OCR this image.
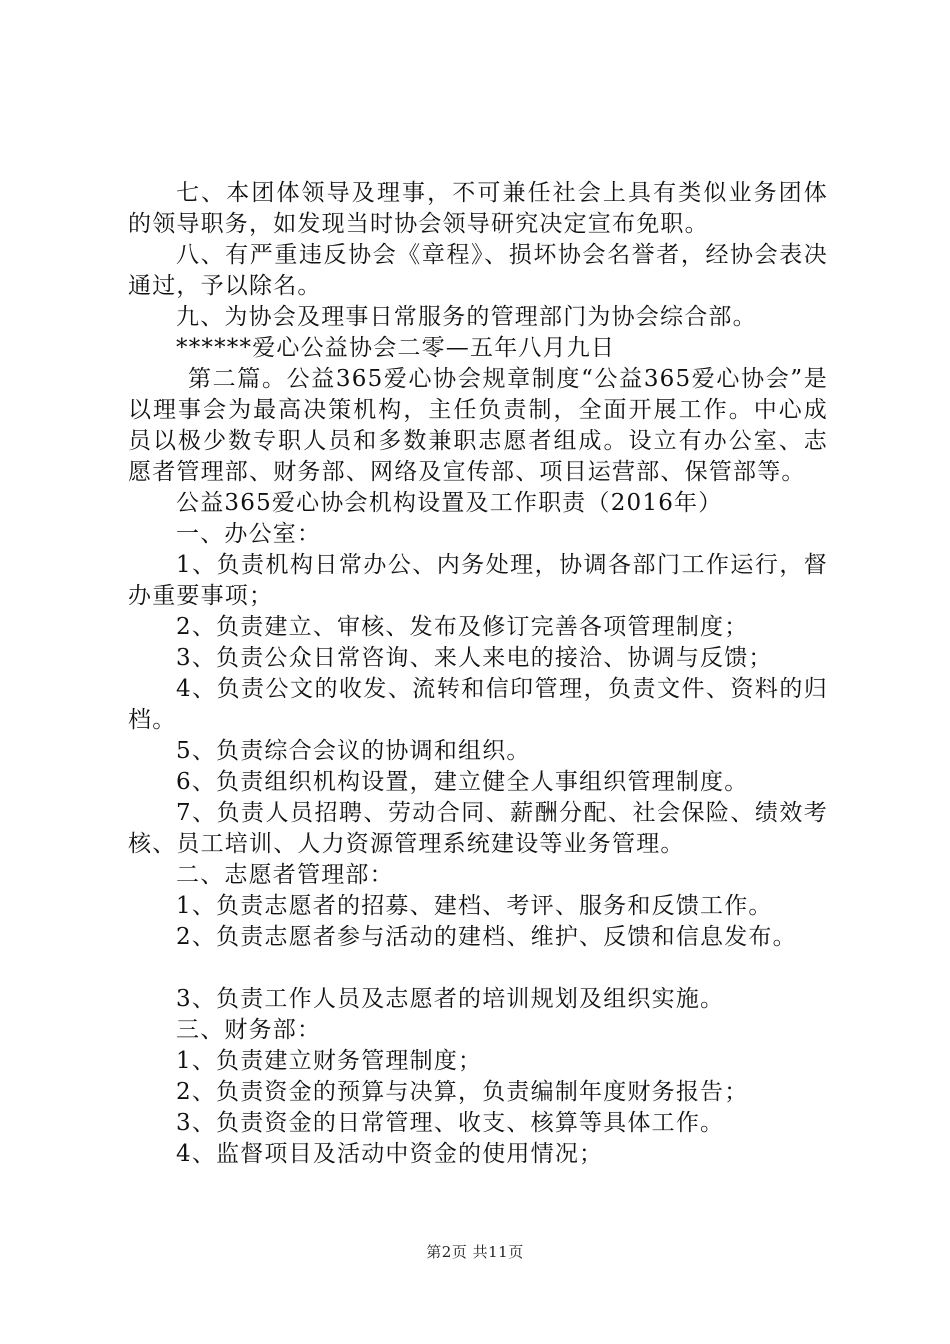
七、本团体领导及理事，不可兼任社会上具有类似业务团体的领导职务，如发现当时协会领导研究决定宣布免职。

八、有严重违反协会《章程》、损坏协会名誉者，经协会表决通过，予以除名。

九、为协会及理事日常服务的管理部门为协会综合部。

******爱心公益协会二零—五年八月九日

第二篇。公益365爱心协会规章制度“公益365爱心协会”是以理事会为最高决策机构，主任负责制，全面开展工作。中心成员以极少数专职人员和多数兼职志愿者组成。设立有办公室、志愿者管理部、财务部、网络及宣传部、项目运营部、保管部等。

公益365爱心协会机构设置及工作职责（2016年）

一、办公室：

1、负责机构日常办公、内务处理，协调各部门工作运行，督办重要事项；

2、负责建立、审核、发布及修订完善各项管理制度；

3、负责公众日常咨询、来人来电的接洽、协调与反馈；

4、负责公文的收发、流转和信印管理，负责文件、资料的归档。

5、负责综合会议的协调和组织。

6、负责组织机构设置，建立健全人事组织管理制度。

7、负责人员招聘、劳动合同、薪酬分配、社会保险、绩效考核、员工培训、人力资源管理系统建设等业务管理。

二、志愿者管理部：

1、负责志愿者的招募、建档、考评、服务和反馈工作。

2、负责志愿者参与活动的建档、维护、反馈和信息发布。

3、负责工作人员及志愿者的培训规划及组织实施。

三、财务部：

1、负责建立财务管理制度；

2、负责资金的预算与决算，负责编制年度财务报告；

3、负责资金的日常管理、收支、核算等具体工作。

4、监督项目及活动中资金的使用情况；

第2页 共11页
